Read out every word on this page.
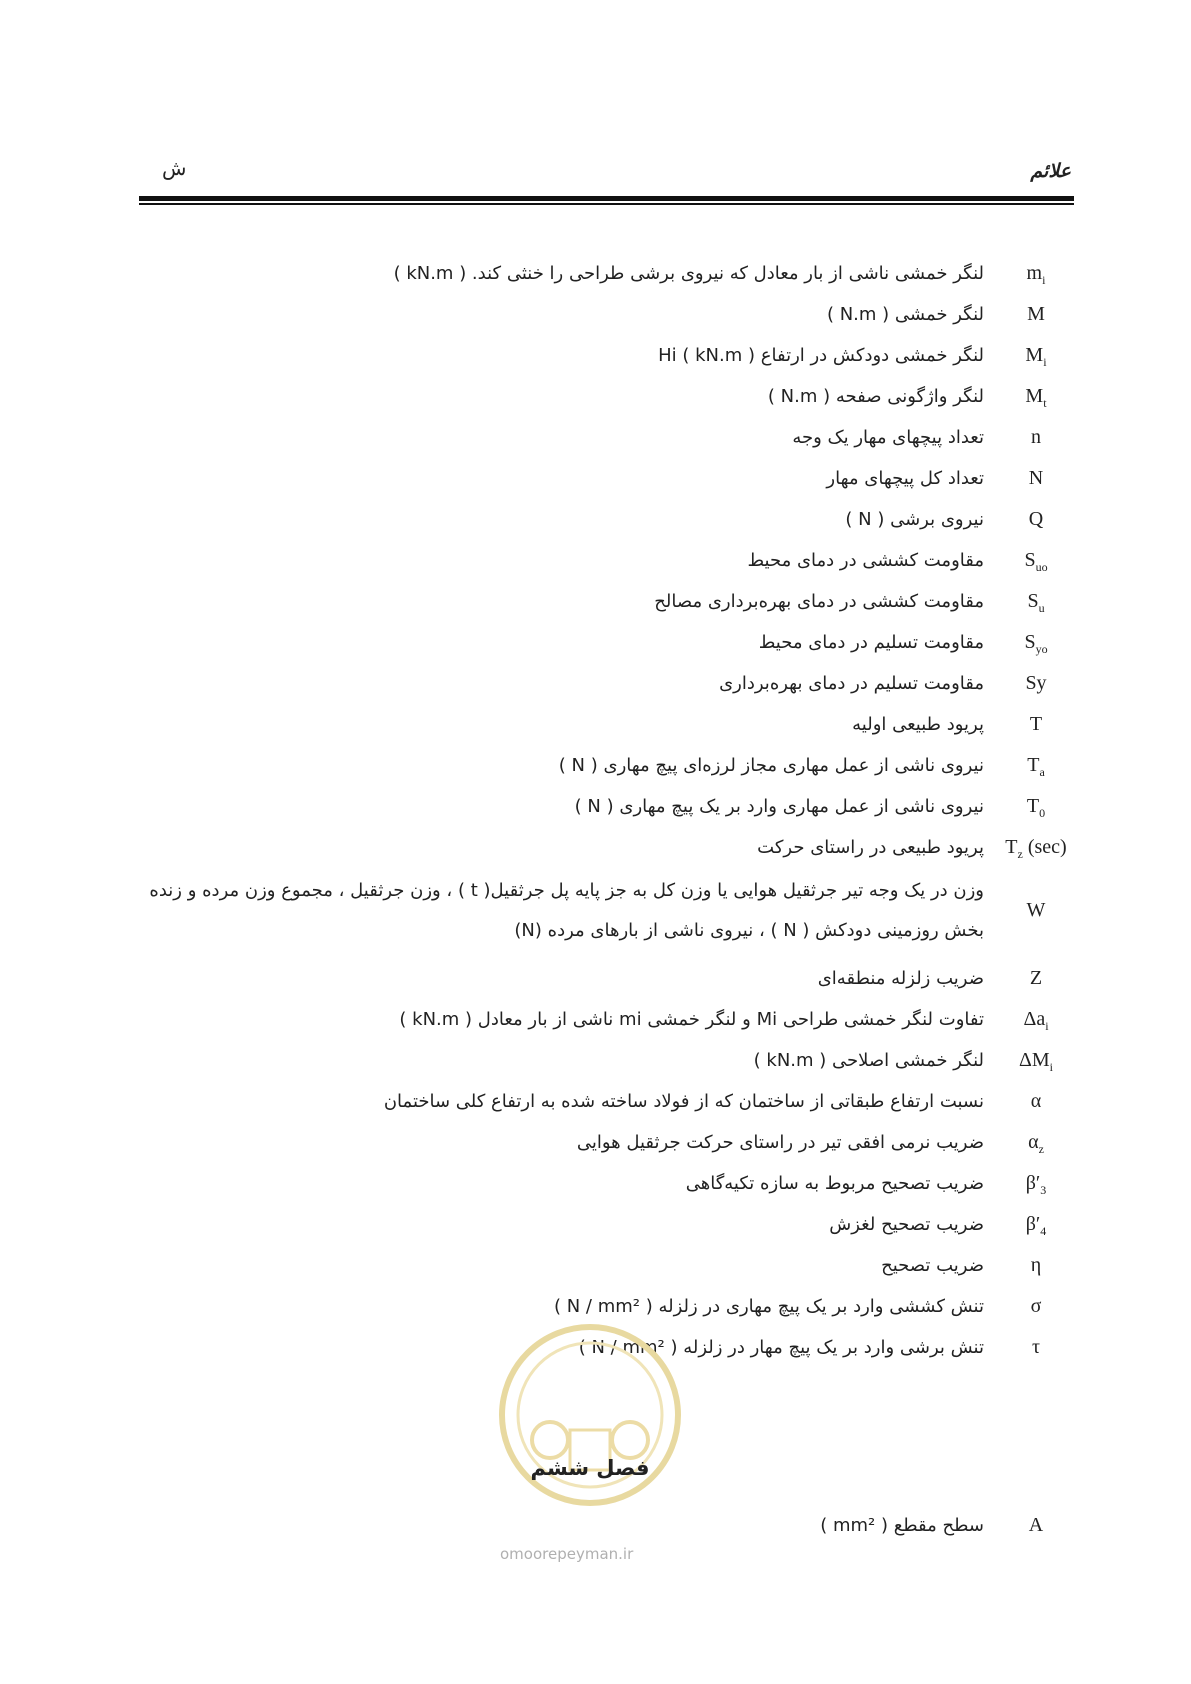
علائم
ش
$m_i$
لنگر خمشی ناشی از بار معادل که نیروی برشی طراحی را خنثی کند. ( kN.m )
M
لنگر خمشی ( N.m )
$M_i$
لنگر خمشی دودکش در ارتفاع Hi ( kN.m )
$M_t$
لنگر واژگونی صفحه ( N.m )
n
تعداد پیچهای مهار یک وجه
N
تعداد کل پیچهای مهار
Q
نیروی برشی ( N )
$S_{uo}$
مقاومت کششی در دمای محیط
$S_u$
مقاومت کششی در دمای بهره‌برداری مصالح
$S_{yo}$
مقاومت تسلیم در دمای محیط
Sy
مقاومت تسلیم در دمای بهره‌برداری
T
پریود طبیعی اولیه
$T_a$
نیروی ناشی از عمل مهاری مجاز لرزه‌ای پیچ مهاری ( N )
$T_0$
نیروی ناشی از عمل مهاری وارد بر یک پیچ مهاری ( N )
$T_z$ (sec)
پریود طبیعی در راستای حرکت
W
وزن در یک وجه تیر جرثقیل هوایی یا وزن کل به جز پایه پل جرثقیل( t ) ، وزن جرثقیل ، مجموع وزن مرده و زنده بخش روزمینی دودکش ( N ) ، نیروی ناشی از بارهای مرده (N)
Z
ضریب زلزله منطقه‌ای
$\Delta a_i$
تفاوت لنگر خمشی طراحی Mi و لنگر خمشی mi ناشی از بار معادل ( kN.m )
$\Delta M_i$
لنگر خمشی اصلاحی ( kN.m )
α
نسبت ارتفاع طبقاتی از ساختمان که از فولاد ساخته شده به ارتفاع کلی ساختمان
$\alpha_z$
ضریب نرمی افقی تیر در راستای حرکت جرثقیل هوایی
$\beta'_3$
ضریب تصحیح مربوط به سازه تکیه‌گاهی
$\beta'_4$
ضریب تصحیح لغزش
η
ضریب تصحیح
σ
تنش کششی وارد بر یک پیچ مهاری در زلزله ( N / mm² )
τ
تنش برشی وارد بر یک پیچ مهار در زلزله ( N / mm² )
فصل ششم
A
سطح مقطع ( mm² )
omoorepeyman.ir
